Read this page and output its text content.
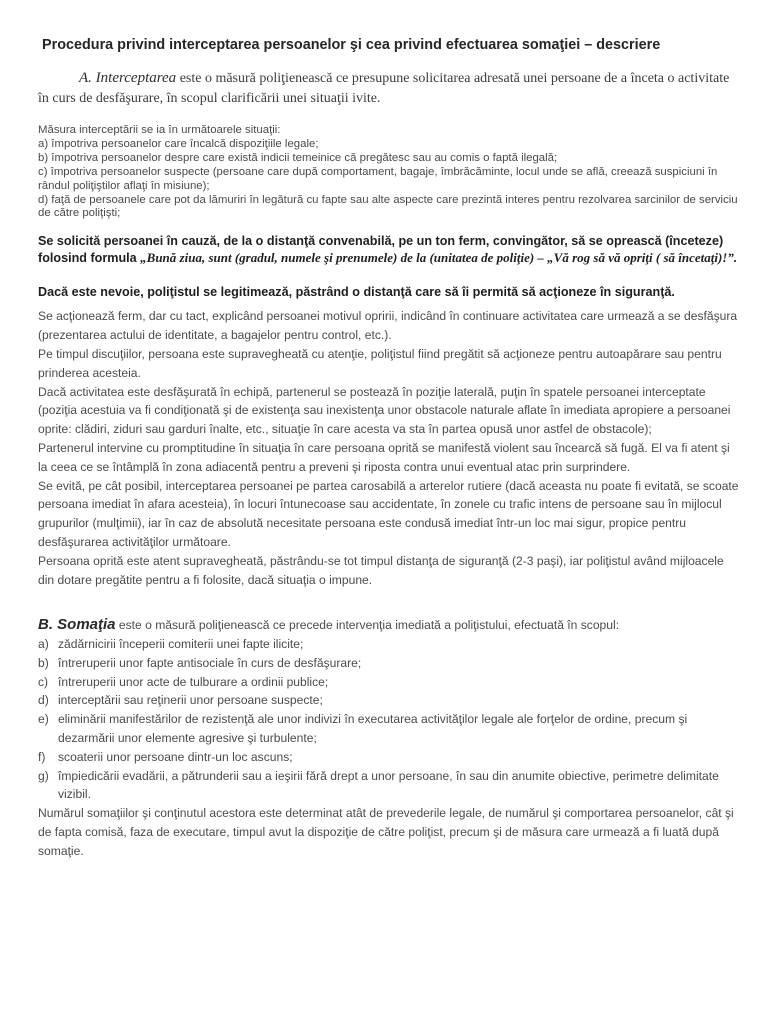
Procedura privind interceptarea persoanelor şi cea privind efectuarea somaţiei – descriere
A. Interceptarea este o măsură poliţienească ce presupune solicitarea adresată unei persoane de a înceta o activitate în curs de desfăşurare, în scopul clarificării unei situaţii ivite.
Măsura interceptării se ia în următoarele situaţii:
a) împotriva persoanelor care încalcă dispoziţiile legale;
b) împotriva persoanelor despre care există indicii temeinice că pregătesc sau au comis o faptă ilegală;
c) împotriva persoanelor suspecte (persoane care după comportament, bagaje, îmbrăcăminte, locul unde se află, creează suspiciuni în rândul poliţiştilor aflaţi în misiune);
d) faţă de persoanele care pot da lămuriri în legătură cu fapte sau alte aspecte care prezintă interes pentru rezolvarea sarcinilor de serviciu de către poliţişti;
Se solicită persoanei în cauză, de la o distanţă convenabilă, pe un ton ferm, convingător, să se oprească (înceteze) folosind formula „Bună ziua, sunt (gradul, numele şi prenumele) de la (unitatea de poliţie) – „Vă rog să vă opriţi ( să încetaţi)!”.
Dacă este nevoie, poliţistul se legitimează, păstrând o distanţă care să îi permită să acţioneze în siguranţă.

Se acţionează ferm, dar cu tact, explicând persoanei motivul opririi, indicând în continuare activitatea care urmează a se desfăşura (prezentarea actului de identitate, a bagajelor pentru control, etc.).

Pe timpul discuţiilor, persoana este supravegheată cu atenţie, poliţistul fiind pregătit să acţioneze pentru autoapărare sau pentru prinderea acesteia.

Dacă activitatea este desfăşurată în echipă, partenerul se postează în poziţie laterală, puţin în spatele persoanei interceptate (poziţia acestuia va fi condiţionată şi de existenţa sau inexistenţa unor obstacole naturale aflate în imediata apropiere a persoanei oprite: clădiri, ziduri sau garduri înalte, etc., situaţie în care acesta va sta în partea opusă unor astfel de obstacole);

Partenerul intervine cu promptitudine în situaţia în care persoana oprită se manifestă violent sau încearcă să fugă. El va fi atent şi la ceea ce se întâmplă în zona adiacentă pentru a preveni şi riposta contra unui eventual atac prin surprindere.

Se evită, pe cât posibil, interceptarea persoanei pe partea carosabilă a arterelor rutiere (dacă aceasta nu poate fi evitată, se scoate persoana imediat în afara acesteia), în locuri întunecoase sau accidentate, în zonele cu trafic intens de persoane sau în mijlocul grupurilor (mulţimii), iar în caz de absolută necesitate persoana este condusă imediat într-un loc mai sigur, propice pentru desfăşurarea activităţilor următoare.

Persoana oprită este atent supravegheată, păstrându-se tot timpul distanţa de siguranţă (2-3 paşi), iar poliţistul având mijloacele din dotare pregătite pentru a fi folosite, dacă situaţia o impune.

B. Somaţia este o măsură poliţienească ce precede intervenţia imediată a poliţistului, efectuată în scopul:

a) zădărnicirii începerii comiterii unei fapte ilicite;
b) întreruperii unor fapte antisociale în curs de desfăşurare;
c) întreruperii unor acte de tulburare a ordinii publice;
d) interceptării sau reţinerii unor persoane suspecte;
e) eliminării manifestărilor de rezistenţă ale unor indivizi în executarea activităţilor legale ale forţelor de ordine, precum şi dezarmării unor elemente agresive şi turbulente;
f)	scoaterii unor persoane dintr-un loc ascuns;
g) împiedicării evadării, a pătrunderii sau a ieşirii fără drept a unor persoane, în sau din anumite obiective, perimetre delimitate vizibil.

Numărul somaţiilor şi conţinutul acestora este determinat atât de prevederile legale, de numărul şi comportarea persoanelor, cât şi de fapta comisă, faza de executare, timpul avut la dispoziţie de către poliţist, precum şi de măsura care urmează a fi luată după somaţie.
